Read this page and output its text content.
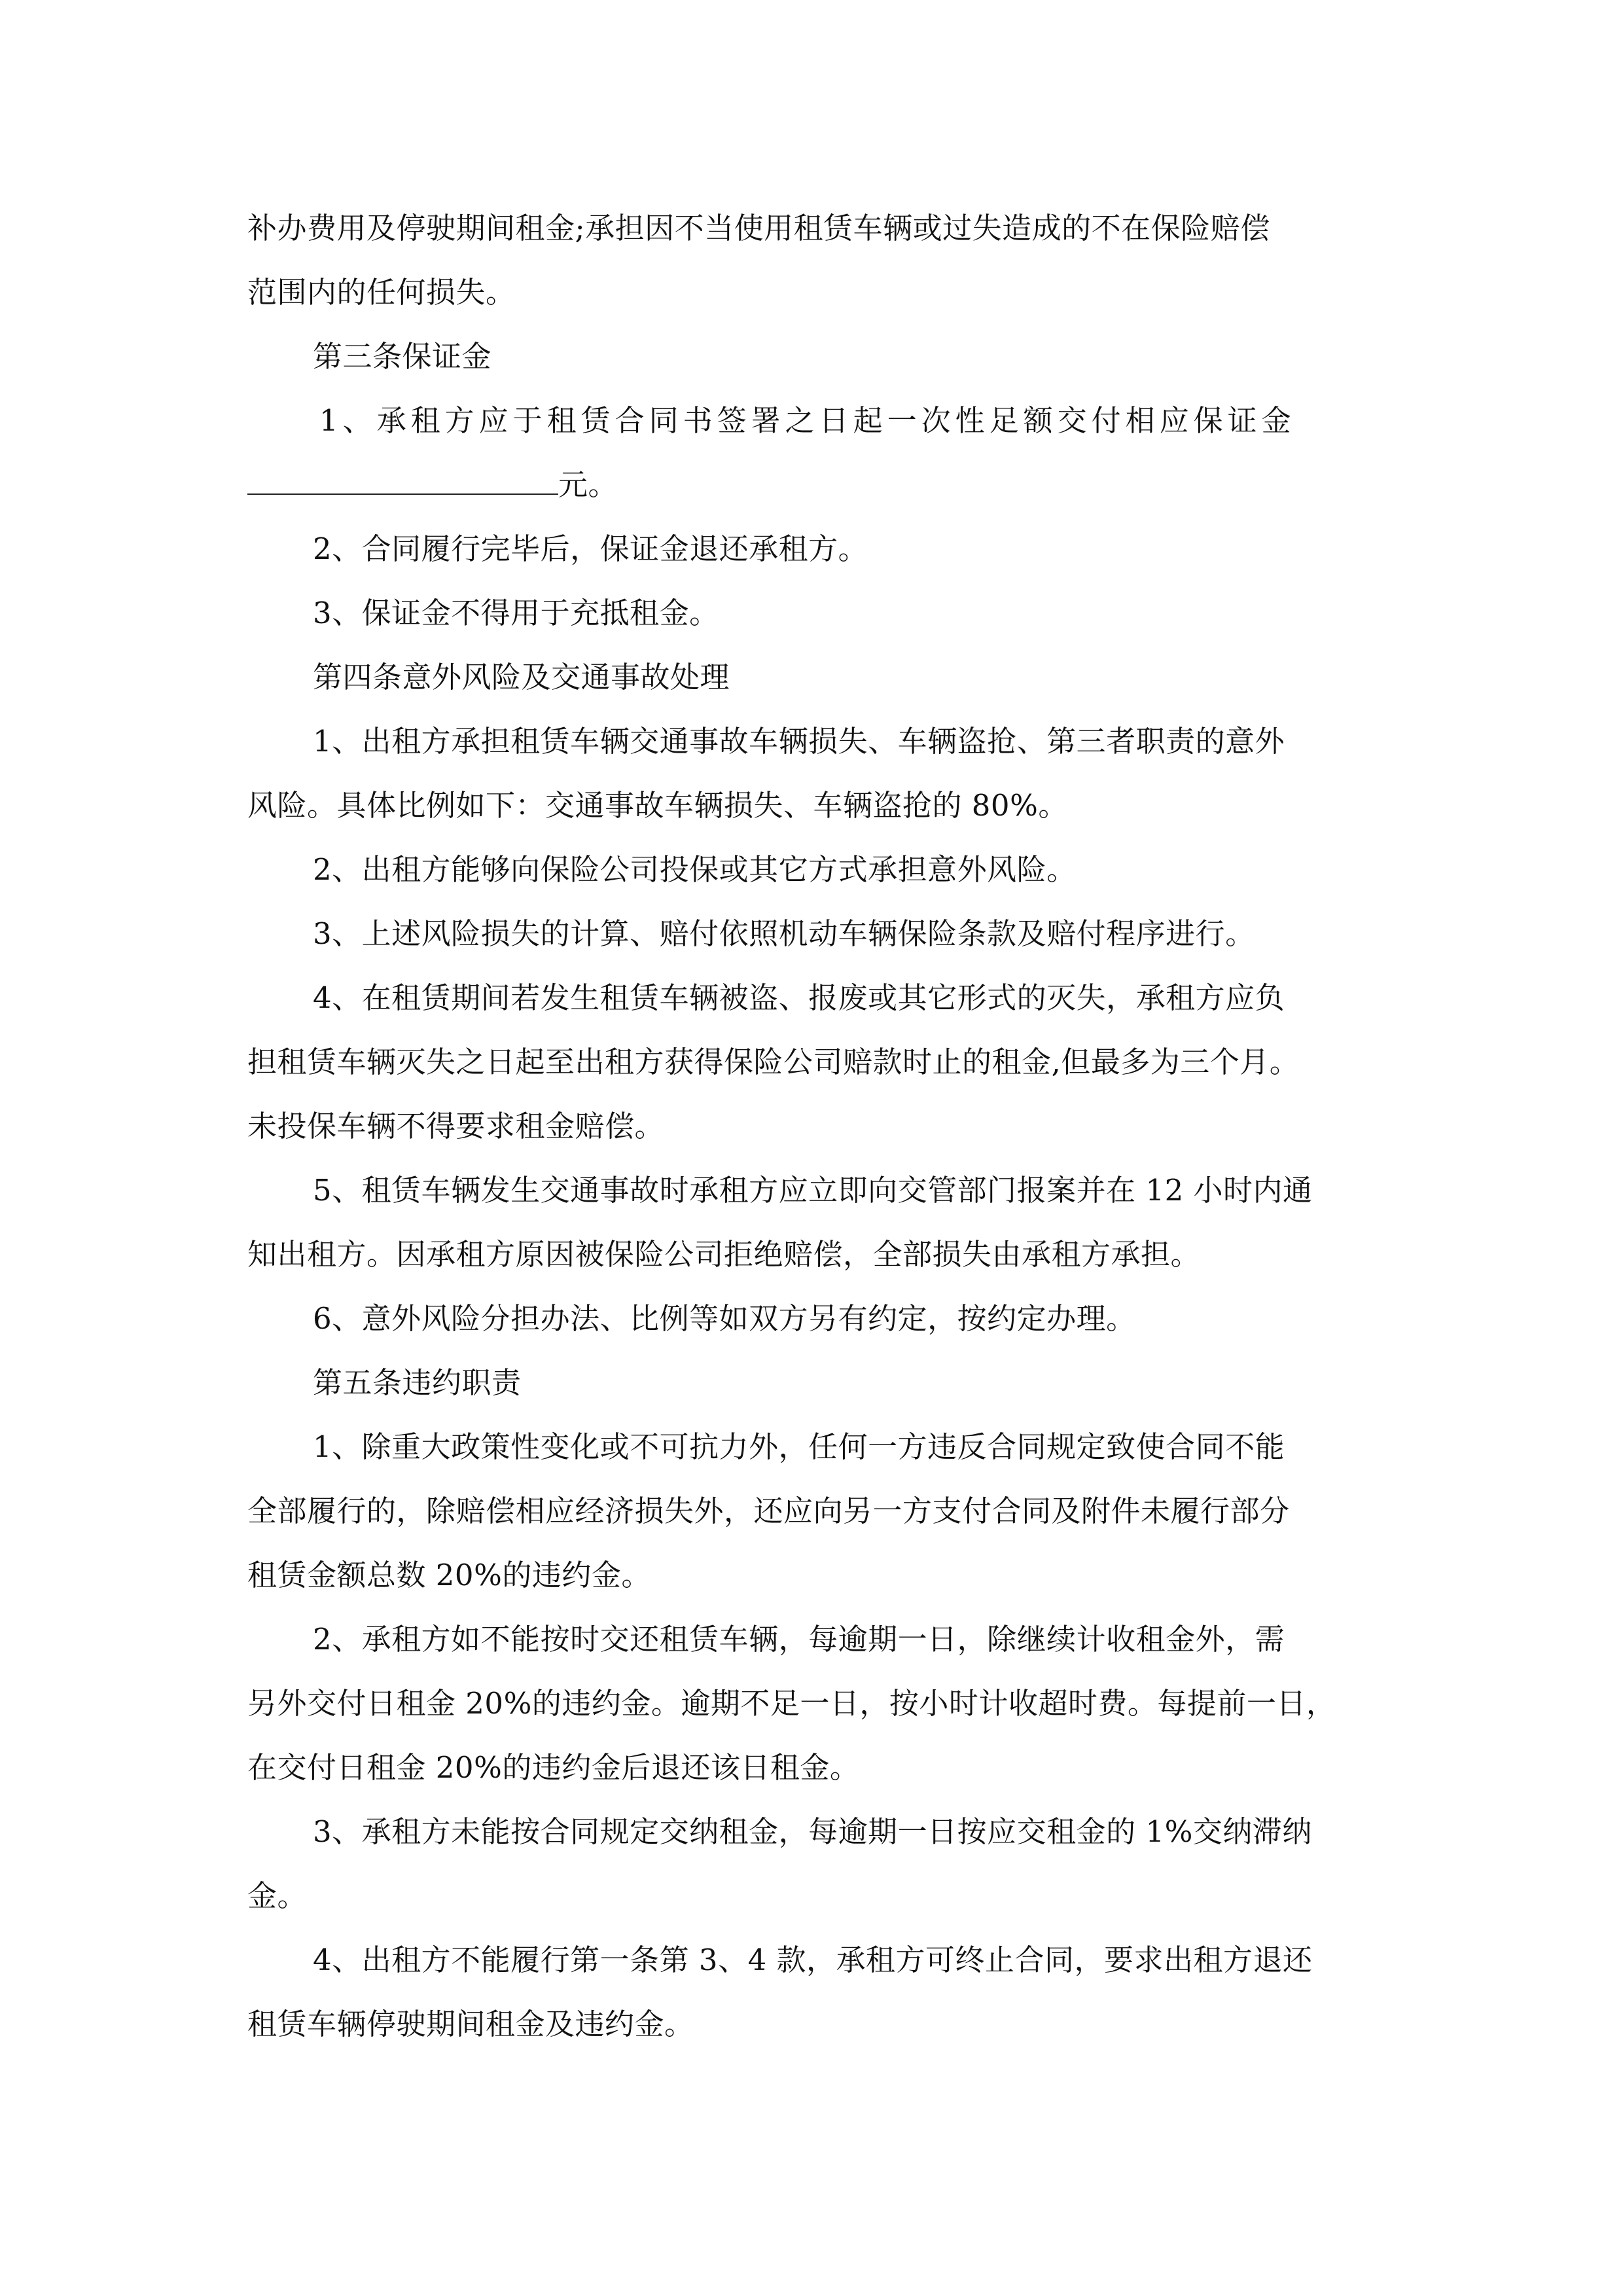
补办费用及停驶期间租金;承担因不当使用租赁车辆或过失造成的不在保险赔偿
范围内的任何损失。
第三条保证金
1、承租方应于租赁合同书签署之日起一次性足额交付相应保证金
元。
2、合同履行完毕后，保证金退还承租方。
3、保证金不得用于充抵租金。
第四条意外风险及交通事故处理
1、出租方承担租赁车辆交通事故车辆损失、车辆盗抢、第三者职责的意外
风险。具体比例如下：交通事故车辆损失、车辆盗抢的 80%。
2、出租方能够向保险公司投保或其它方式承担意外风险。
3、上述风险损失的计算、赔付依照机动车辆保险条款及赔付程序进行。
4、在租赁期间若发生租赁车辆被盗、报废或其它形式的灭失，承租方应负
担租赁车辆灭失之日起至出租方获得保险公司赔款时止的租金,但最多为三个月。
未投保车辆不得要求租金赔偿。
5、租赁车辆发生交通事故时承租方应立即向交管部门报案并在 12 小时内通
知出租方。因承租方原因被保险公司拒绝赔偿，全部损失由承租方承担。
6、意外风险分担办法、比例等如双方另有约定，按约定办理。
第五条违约职责
1、除重大政策性变化或不可抗力外，任何一方违反合同规定致使合同不能
全部履行的，除赔偿相应经济损失外，还应向另一方支付合同及附件未履行部分
租赁金额总数 20%的违约金。
2、承租方如不能按时交还租赁车辆，每逾期一日，除继续计收租金外，需
另外交付日租金 20%的违约金。逾期不足一日，按小时计收超时费。每提前一日，
在交付日租金 20%的违约金后退还该日租金。
3、承租方未能按合同规定交纳租金，每逾期一日按应交租金的 1%交纳滞纳
金。
4、出租方不能履行第一条第 3、4 款，承租方可终止合同，要求出租方退还
租赁车辆停驶期间租金及违约金。
